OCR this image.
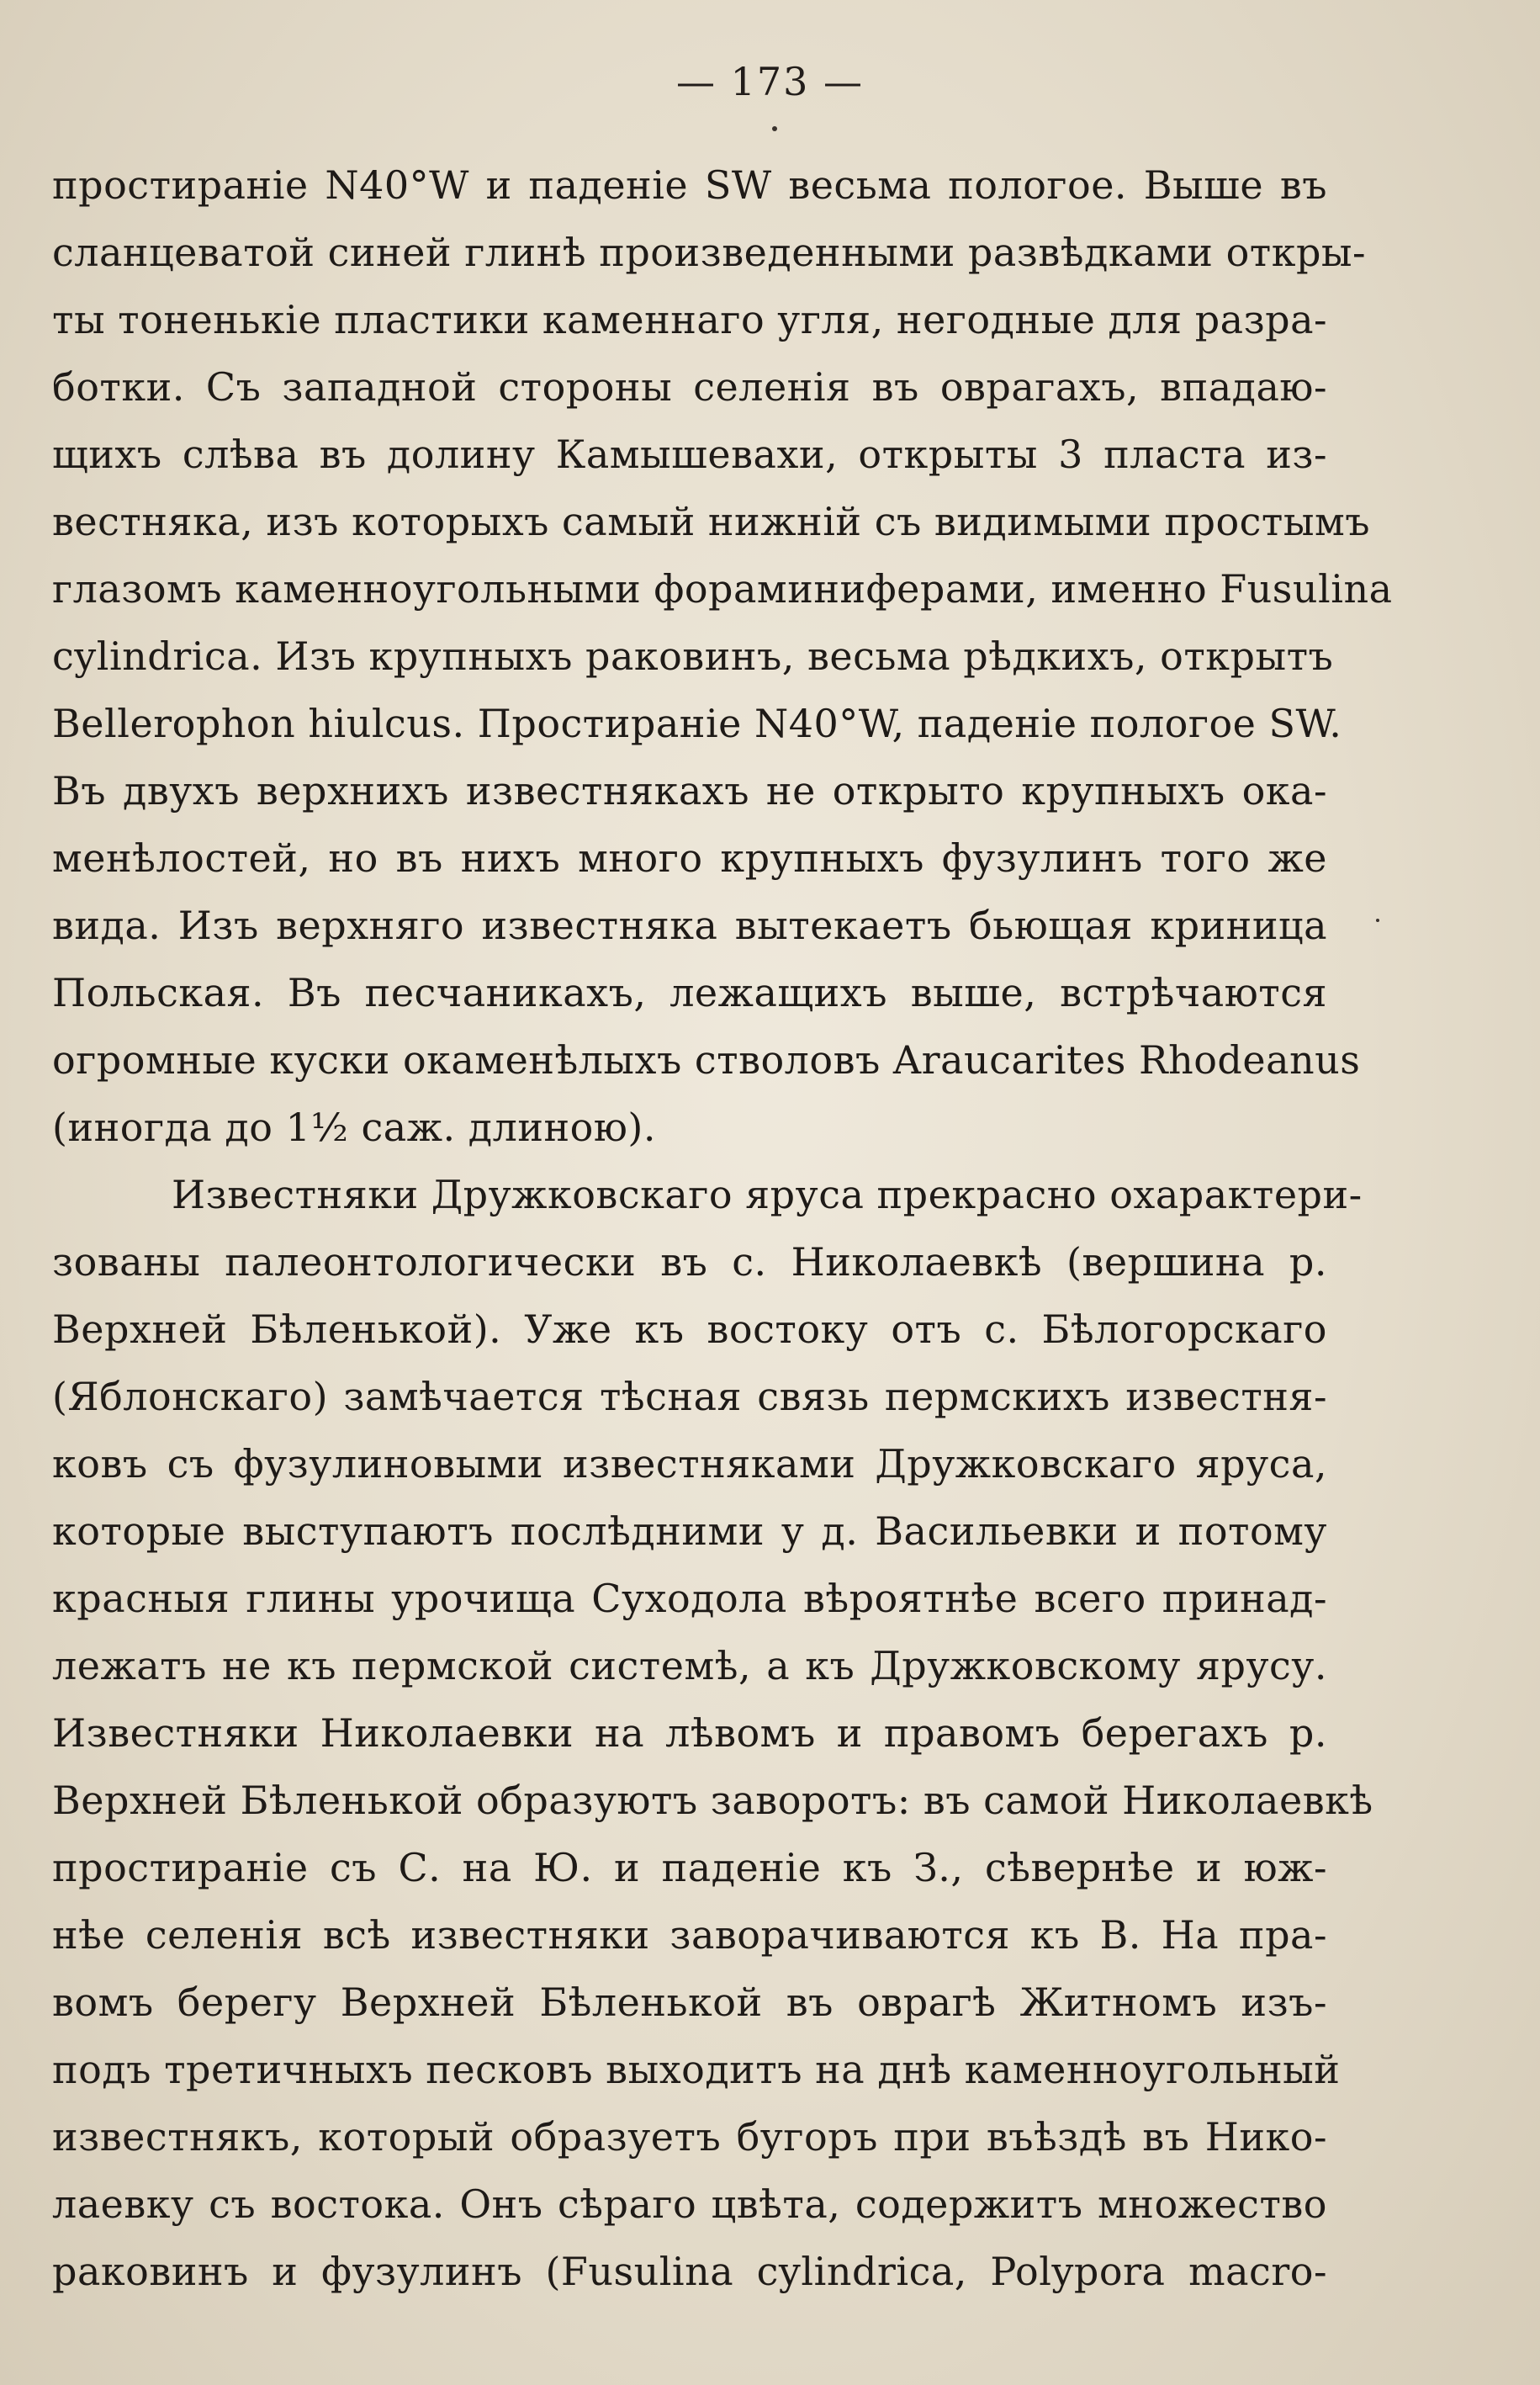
— 173 —
простираніе N40°W и паденіе SW весьма пологое. Выше въ
сланцеватой синей глинѣ произведенными развѣдками откры-
ты тоненькіе пластики каменнаго угля, негодные для разра-
ботки. Съ западной стороны селенія въ оврагахъ, впадаю-
щихъ слѣва въ долину Камышевахи, открыты 3 пласта из-
вестняка, изъ которыхъ самый нижній съ видимыми простымъ
глазомъ каменноугольными фораминиферами, именно Fusulina
cylindrica. Изъ крупныхъ раковинъ, весьма рѣдкихъ, открытъ
Bellerophon hiulcus. Простираніе N40°W, паденіе пологое SW.
Въ двухъ верхнихъ известнякахъ не открыто крупныхъ ока-
менѣлостей, но въ нихъ много крупныхъ фузулинъ того же
вида. Изъ верхняго известняка вытекаетъ бьющая криница
Польская. Въ песчаникахъ, лежащихъ выше, встрѣчаются
огромные куски окаменѣлыхъ стволовъ Araucarites Rhodeanus
(иногда до 1½ саж. длиною).
Известняки Дружковскаго яруса прекрасно охарактери-
зованы палеонтологически въ с. Николаевкѣ (вершина р.
Верхней Бѣленькой). Уже къ востоку отъ с. Бѣлогорскаго
(Яблонскаго) замѣчается тѣсная связь пермскихъ известня-
ковъ съ фузулиновыми известняками Дружковскаго яруса,
которые выступаютъ послѣдними у д. Васильевки и потому
красныя глины урочища Суходола вѣроятнѣе всего принад-
лежатъ не къ пермской системѣ, а къ Дружковскому ярусу.
Известняки Николаевки на лѣвомъ и правомъ берегахъ р.
Верхней Бѣленькой образуютъ заворотъ: въ самой Николаевкѣ
простираніе съ С. на Ю. и паденіе къ З., сѣвернѣе и юж-
нѣе селенія всѣ известняки заворачиваются къ В. На пра-
вомъ берегу Верхней Бѣленькой въ оврагѣ Житномъ изъ-
подъ третичныхъ песковъ выходитъ на днѣ каменноугольный
известнякъ, который образуетъ бугоръ при въѣздѣ въ Нико-
лаевку съ востока. Онъ сѣраго цвѣта, содержитъ множество
раковинъ и фузулинъ (Fusulina cylindrica, Polypora macro-
